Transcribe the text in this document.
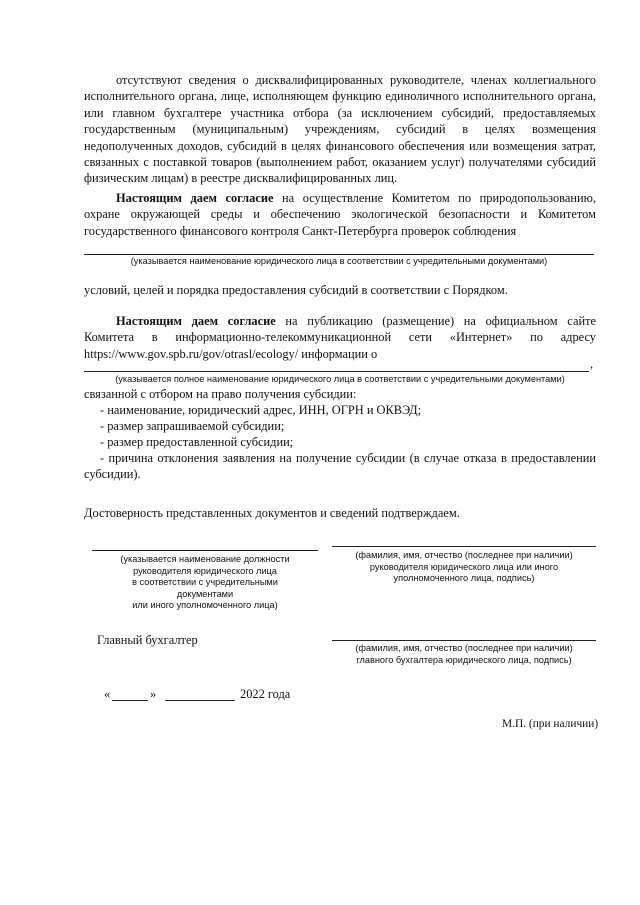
отсутствуют сведения о дисквалифицированных руководителе, членах коллегиального исполнительного органа, лице, исполняющем функцию единоличного исполнительного органа, или главном бухгалтере участника отбора (за исключением субсидий, предоставляемых государственным (муниципальным) учреждениям, субсидий в целях возмещения недополученных доходов, субсидий в целях финансового обеспечения или возмещения затрат, связанных с поставкой товаров (выполнением работ, оказанием услуг) получателями субсидий физическим лицам) в реестре дисквалифицированных лиц.
Настоящим даем согласие на осуществление Комитетом по природопользованию, охране окружающей среды и обеспечению экологической безопасности и Комитетом государственного финансового контроля Санкт-Петербурга проверок соблюдения
(указывается наименование юридического лица в соответствии с учредительными документами)
условий, целей и порядка предоставления субсидий в соответствии с Порядком.
Настоящим даем согласие на публикацию (размещение) на официальном сайте Комитета в информационно-телекоммуникационной сети «Интернет» по адресу https://www.gov.spb.ru/gov/otrasl/ecology/ информации о
,
(указывается полное наименование юридического лица в соответствии с учредительными документами)
связанной с отбором на право получения субсидии:
- наименование, юридический адрес, ИНН, ОГРН и ОКВЭД;
- размер запрашиваемой субсидии;
- размер предоставленной субсидии;
- причина отклонения заявления на получение субсидии (в случае отказа в предоставлении субсидии).
Достоверность представленных документов и сведений подтверждаем.
(указывается наименование должности
руководителя юридического лица
в соответствии с учредительными
документами
или иного уполномоченного лица)
(фамилия, имя, отчество (последнее при наличии)
руководителя юридического лица или иного
уполномоченного лица, подпись)
Главный бухгалтер
(фамилия, имя, отчество (последнее при наличии)
главного бухгалтера юридического лица, подпись)
«	»	2022 года
М.П. (при наличии)
